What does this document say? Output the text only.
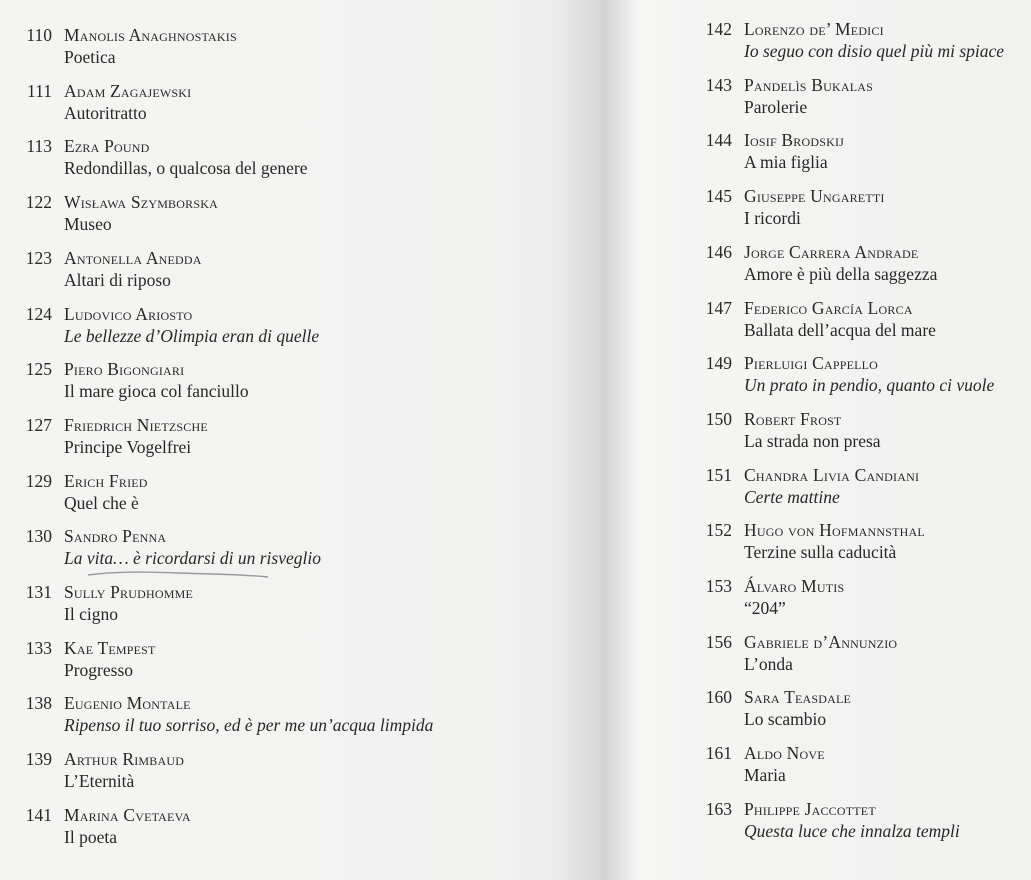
110 Manolis Anaghnostakis
Poetica
111 Adam Zagajewski
Autoritratto
113 Ezra Pound
Redondillas, o qualcosa del genere
122 Wisława Szymborska
Museo
123 Antonella Anedda
Altari di riposo
124 Ludovico Ariosto
Le bellezze d’Olimpia eran di quelle
125 Piero Bigongiari
Il mare gioca col fanciullo
127 Friedrich Nietzsche
Principe Vogelfrei
129 Erich Fried
Quel che è
130 Sandro Penna
La vita… è ricordarsi di un risveglio
131 Sully Prudhomme
Il cigno
133 Kae Tempest
Progresso
138 Eugenio Montale
Ripenso il tuo sorriso, ed è per me un’acqua limpida
139 Arthur Rimbaud
L’Eternità
141 Marina Cvetaeva
Il poeta
142 Lorenzo de’ Medici
Io seguo con disio quel più mi spiace
143 Pandelìs Bukalas
Parolerie
144 Iosif Brodskij
A mia figlia
145 Giuseppe Ungaretti
I ricordi
146 Jorge Carrera Andrade
Amore è più della saggezza
147 Federico García Lorca
Ballata dell’acqua del mare
149 Pierluigi Cappello
Un prato in pendio, quanto ci vuole
150 Robert Frost
La strada non presa
151 Chandra Livia Candiani
Certe mattine
152 Hugo von Hofmannsthal
Terzine sulla caducità
153 Álvaro Mutis
“204”
156 Gabriele d’Annunzio
L’onda
160 Sara Teasdale
Lo scambio
161 Aldo Nove
Maria
163 Philippe Jaccottet
Questa luce che innalza templi
